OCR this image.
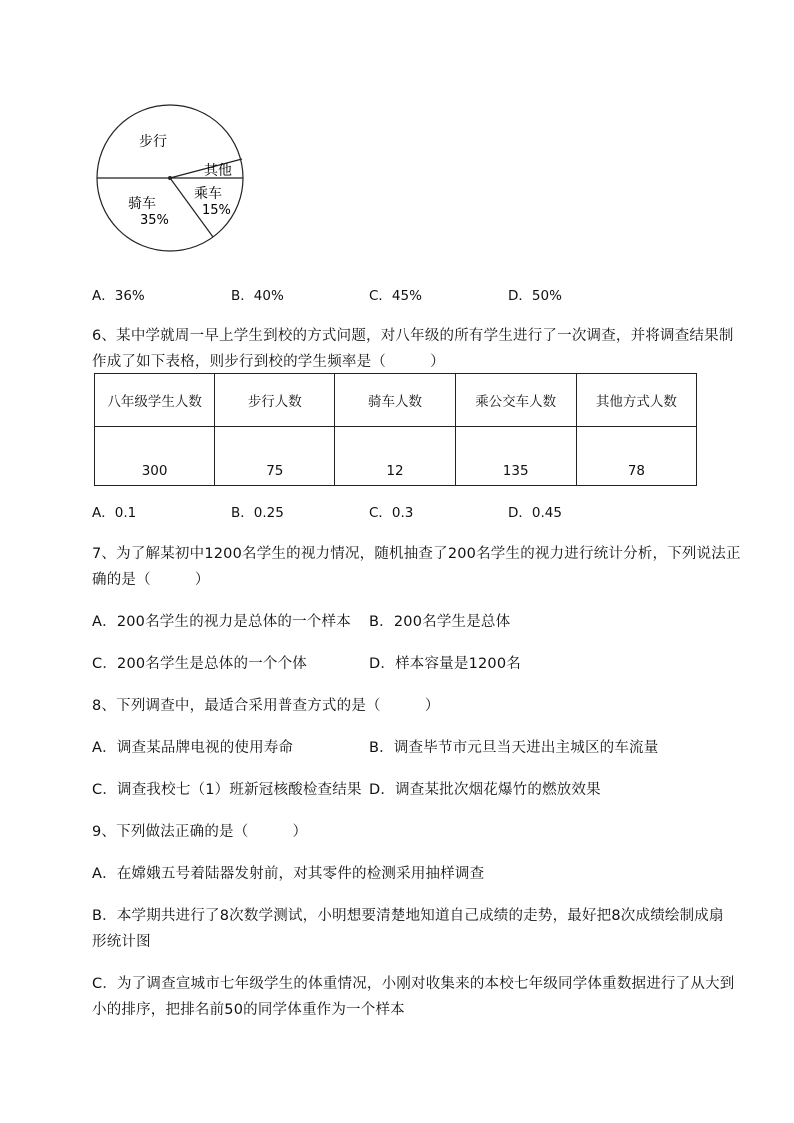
步行
其他
乘车
15%
骑车
35%
A．36%	B．40%	C．45%	D．50%
6、某中学就周一早上学生到校的方式问题，对八年级的所有学生进行了一次调查，并将调查结果制
作成了如下表格，则步行到校的学生频率是（　　　）
八年级学生人数	步行人数	骑车人数	乘公交车人数	其他方式人数
300	75	12	135	78
A．0.1	B．0.25	C．0.3	D．0.45
7、为了解某初中1200名学生的视力情况，随机抽查了200名学生的视力进行统计分析，下列说法正
确的是（　　　）
A．200名学生的视力是总体的一个样本 B．200名学生是总体
C．200名学生是总体的一个个体	D．样本容量是1200名
8、下列调查中，最适合采用普查方式的是（　　　）
A．调查某品牌电视的使用寿命	B．调查毕节市元旦当天进出主城区的车流量
C．调查我校七（1）班新冠核酸检查结果 D．调查某批次烟花爆竹的燃放效果
9、下列做法正确的是（　　　）
A．在嫦娥五号着陆器发射前，对其零件的检测采用抽样调查
B．本学期共进行了8次数学测试，小明想要清楚地知道自己成绩的走势，最好把8次成绩绘制成扇
形统计图
C．为了调查宣城市七年级学生的体重情况，小刚对收集来的本校七年级同学体重数据进行了从大到
小的排序，把排名前50的同学体重作为一个样本
